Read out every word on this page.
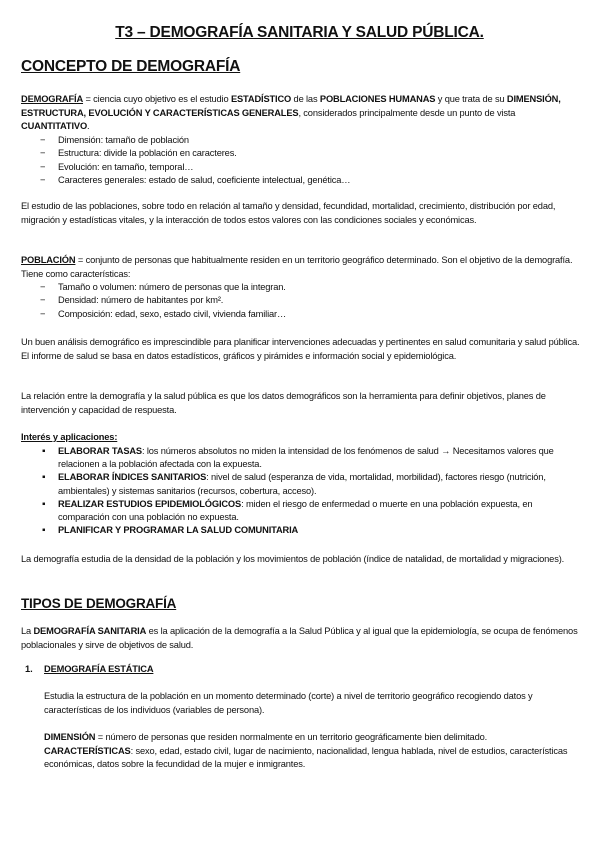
T3 – DEMOGRAFÍA SANITARIA Y SALUD PÚBLICA.
CONCEPTO DE DEMOGRAFÍA

DEMOGRAFÍA = ciencia cuyo objetivo es el estudio ESTADÍSTICO de las POBLACIONES HUMANAS y que trata de su DIMENSIÓN, ESTRUCTURA, EVOLUCIÓN Y CARACTERÍSTICAS GENERALES, considerados principalmente desde un punto de vista CUANTITATIVO.

− Dimensión: tamaño de población
− Estructura: divide la población en caracteres.
− Evolución: en tamaño, temporal…
− Caracteres generales: estado de salud, coeficiente intelectual, genética…

El estudio de las poblaciones, sobre todo en relación al tamaño y densidad, fecundidad, mortalidad, crecimiento, distribución por edad, migración y estadísticas vitales, y la interacción de todos estos valores con las condiciones sociales y económicas.

POBLACIÓN = conjunto de personas que habitualmente residen en un territorio geográfico determinado. Son el objetivo de la demografía. Tiene como características:

− Tamaño o volumen: número de personas que la integran.
− Densidad: número de habitantes por km².
− Composición: edad, sexo, estado civil, vivienda familiar…

Un buen análisis demográfico es imprescindible para planificar intervenciones adecuadas y pertinentes en salud comunitaria y salud pública. El informe de salud se basa en datos estadísticos, gráficos y pirámides e información social y epidemiológica.

La relación entre la demografía y la salud pública es que los datos demográficos son la herramienta para definir objetivos, planes de intervención y capacidad de respuesta.

Interés y aplicaciones:

▪ ELABORAR TASAS: los números absolutos no miden la intensidad de los fenómenos de salud → Necesitamos valores que relacionen a la población afectada con la expuesta.
▪ ELABORAR ÍNDICES SANITARIOS: nivel de salud (esperanza de vida, mortalidad, morbilidad), factores riesgo (nutrición, ambientales) y sistemas sanitarios (recursos, cobertura, acceso).
▪ REALIZAR ESTUDIOS EPIDEMIOLÓGICOS: miden el riesgo de enfermedad o muerte en una población expuesta, en comparación con una población no expuesta.
▪ PLANIFICAR Y PROGRAMAR LA SALUD COMUNITARIA

La demografía estudia de la densidad de la población y los movimientos de población (índice de natalidad, de mortalidad y migraciones).

TIPOS DE DEMOGRAFÍA

La DEMOGRAFÍA SANITARIA es la aplicación de la demografía a la Salud Pública y al igual que la epidemiología, se ocupa de fenómenos poblacionales y sirve de objetivos de salud.

1. DEMOGRAFÍA ESTÁTICA

Estudia la estructura de la población en un momento determinado (corte) a nivel de territorio geográfico recogiendo datos y características de los individuos (variables de persona).

DIMENSIÓN = número de personas que residen normalmente en un territorio geográficamente bien delimitado.
CARACTERÍSTICAS: sexo, edad, estado civil, lugar de nacimiento, nacionalidad, lengua hablada, nivel de estudios, características económicas, datos sobre la fecundidad de la mujer e inmigrantes.
